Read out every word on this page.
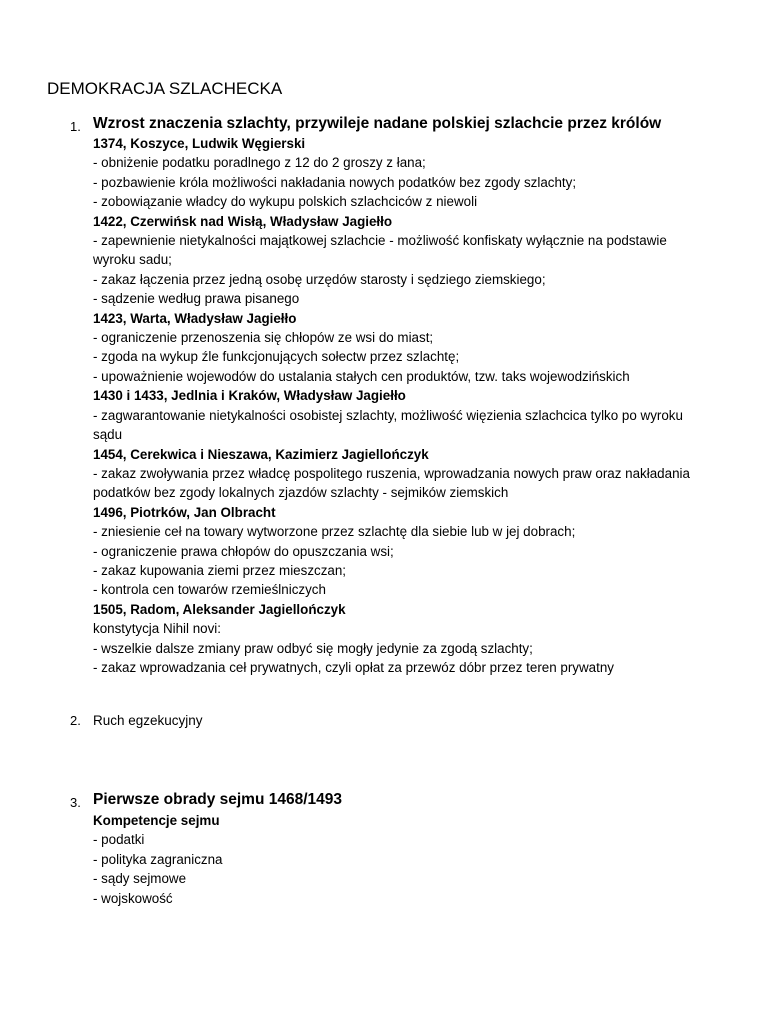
DEMOKRACJA SZLACHECKA
1. Wzrost znaczenia szlachty, przywileje nadane polskiej szlachcie przez królów
1374, Koszyce, Ludwik Węgierski
- obniżenie podatku poradlnego z 12 do 2 groszy z łana;
- pozbawienie króla możliwości nakładania nowych podatków bez zgody szlachty;
- zobowiązanie władcy do wykupu polskich szlachciców z niewoli
1422, Czerwińsk nad Wisłą, Władysław Jagiełło
- zapewnienie nietykalności majątkowej szlachcie - możliwość konfiskaty wyłącznie na podstawie
wyroku sadu;
- zakaz łączenia przez jedną osobę urzędów starosty i sędziego ziemskiego;
- sądzenie według prawa pisanego
1423, Warta, Władysław Jagiełło
- ograniczenie przenoszenia się chłopów ze wsi do miast;
- zgoda na wykup źle funkcjonujących sołectw przez szlachtę;
- upoważnienie wojewodów do ustalania stałych cen produktów, tzw. taks wojewodzińskich
1430 i 1433, Jedlnia i Kraków, Władysław Jagiełło
- zagwarantowanie nietykalności osobistej szlachty, możliwość więzienia szlachcica tylko po wyroku
sądu
1454, Cerekwica i Nieszawa, Kazimierz Jagiellończyk
- zakaz zwoływania przez władcę pospolitego ruszenia, wprowadzania nowych praw oraz nakładania
podatków bez zgody lokalnych zjazdów szlachty - sejmików ziemskich
1496, Piotrków, Jan Olbracht
- zniesienie ceł na towary wytworzone przez szlachtę dla siebie lub w jej dobrach;
- ograniczenie prawa chłopów do opuszczania wsi;
- zakaz kupowania ziemi przez mieszczan;
- kontrola cen towarów rzemieślniczych
1505, Radom, Aleksander Jagiellończyk
konstytycja Nihil novi:
- wszelkie dalsze zmiany praw odbyć się mogły jedynie za zgodą szlachty;
- zakaz wprowadzania ceł prywatnych, czyli opłat za przewóz dóbr przez teren prywatny
2. Ruch egzekucyjny
3. Pierwsze obrady sejmu 1468/1493
Kompetencje sejmu
- podatki
- polityka zagraniczna
- sądy sejmowe
- wojskowość
